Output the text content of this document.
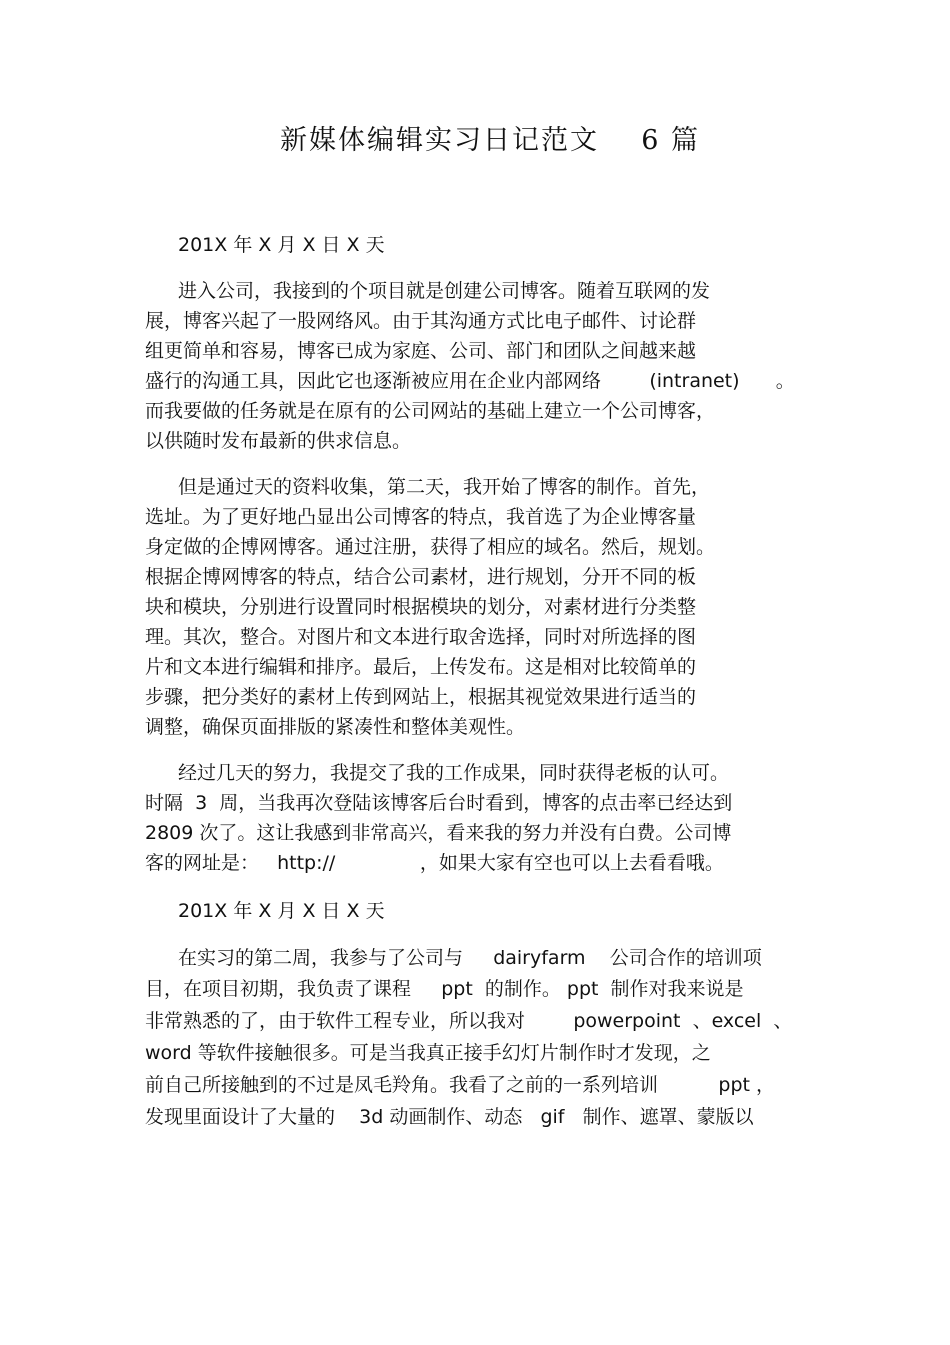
新媒体编辑实习日记范文    6 篇
201X 年 X 月 X 日 X 天
进入公司，我接到的个项目就是创建公司博客。随着互联网的发
展，博客兴起了一股网络风。由于其沟通方式比电子邮件、讨论群
组更简单和容易，博客已成为家庭、公司、部门和团队之间越来越
盛行的沟通工具，因此它也逐渐被应用在企业内部网络        (intranet)      。
而我要做的任务就是在原有的公司网站的基础上建立一个公司博客，
以供随时发布最新的供求信息。
但是通过天的资料收集，第二天，我开始了博客的制作。首先，
选址。为了更好地凸显出公司博客的特点，我首选了为企业博客量
身定做的企博网博客。通过注册，获得了相应的域名。然后，规划。
根据企博网博客的特点，结合公司素材，进行规划，分开不同的板
块和模块，分别进行设置同时根据模块的划分，对素材进行分类整
理。其次，整合。对图片和文本进行取舍选择，同时对所选择的图
片和文本进行编辑和排序。最后，上传发布。这是相对比较简单的
步骤，把分类好的素材上传到网站上，根据其视觉效果进行适当的
调整，确保页面排版的紧凑性和整体美观性。
经过几天的努力，我提交了我的工作成果，同时获得老板的认可。
时隔  3  周，当我再次登陆该博客后台时看到，博客的点击率已经达到
2809 次了。这让我感到非常高兴，看来我的努力并没有白费。公司博
客的网址是：   http://              ，如果大家有空也可以上去看看哦。
201X 年 X 月 X 日 X 天
在实习的第二周，我参与了公司与     dairyfarm    公司合作的培训项
目，在项目初期，我负责了课程     ppt  的制作。 ppt  制作对我来说是
非常熟悉的了，由于软件工程专业，所以我对        powerpoint  、excel  、
word 等软件接触很多。可是当我真正接手幻灯片制作时才发现，之
前自己所接触到的不过是凤毛羚角。我看了之前的一系列培训          ppt ，
发现里面设计了大量的    3d 动画制作、动态   gif   制作、遮罩、蒙版以
